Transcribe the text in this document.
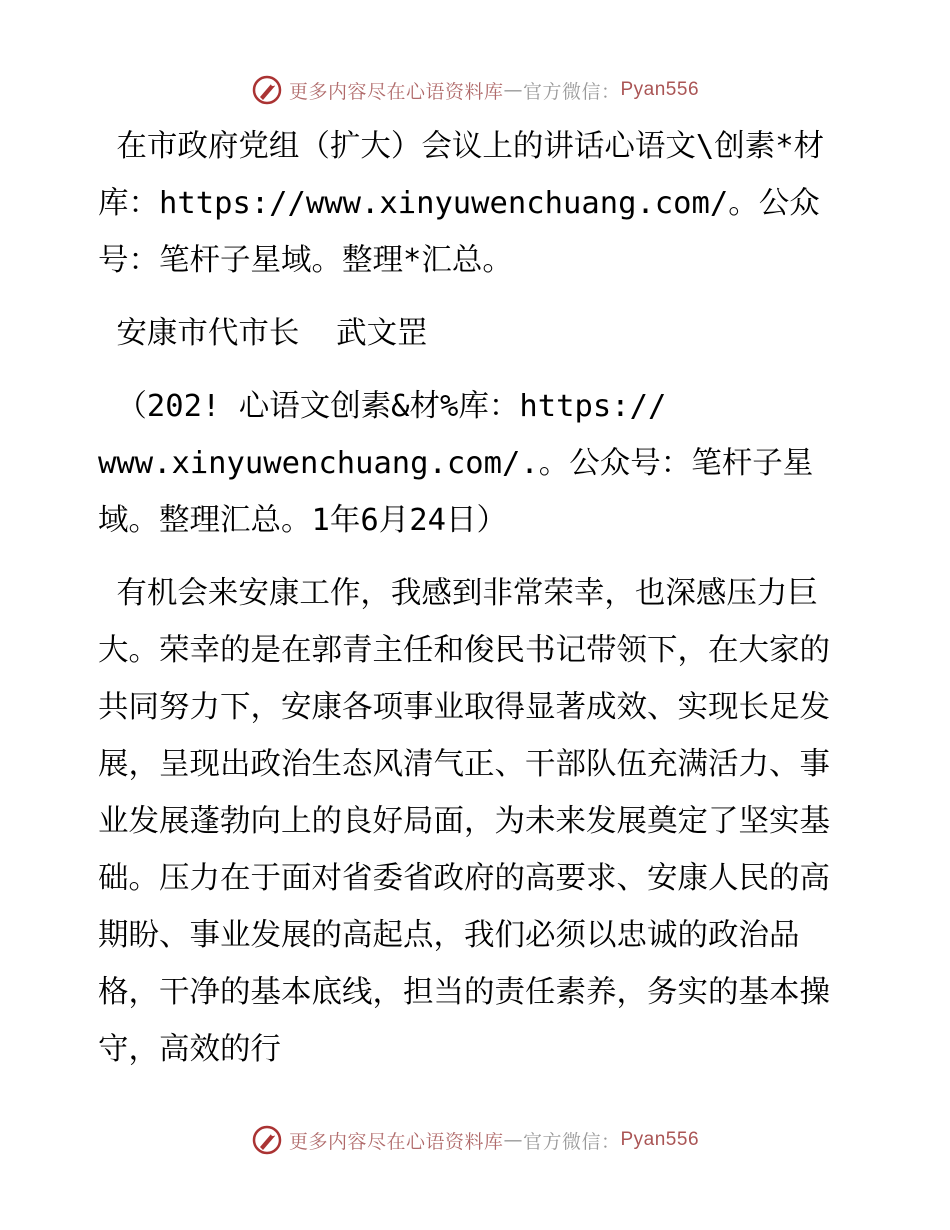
更多内容尽在心语资料库 — 官方微信： Pyan556

在市政府党组（扩大）会议上的讲话心语文\创素*材库：https://www.xinyuwenchuang.com/。公众号：笔杆子星域。整理*汇总。

安康市代市长  武文罡

（202! 心语文创素&材%库：https://
www.xinyuwenchuang.com/.。公众号：笔杆子星域。整理汇总。1年6月24日）

有机会来安康工作，我感到非常荣幸，也深感压力巨大。荣幸的是在郭青主任和俊民书记带领下，在大家的共同努力下，安康各项事业取得显著成效、实现长足发展，呈现出政治生态风清气正、干部队伍充满活力、事业发展蓬勃向上的良好局面，为未来发展奠定了坚实基础。压力在于面对省委省政府的高要求、安康人民的高期盼、事业发展的高起点，我们必须以忠诚的政治品格，干净的基本底线，担当的责任素养，务实的基本操守，高效的行

更多内容尽在心语资料库 — 官方微信： Pyan556
